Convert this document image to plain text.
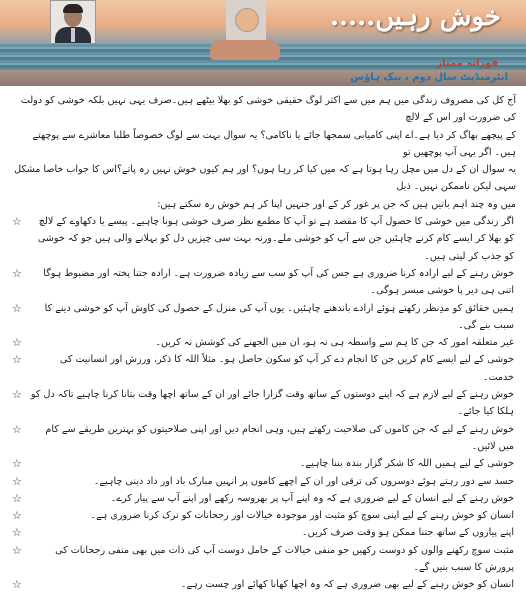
خوش رہیں.....
فوزانہ ممتاز
انٹرمیڈیٹ سال دوم ، پیک ہاؤس

آج کل کی مصروف زندگی میں ہم میں سے اکثر لوگ حقیقی خوشی کو بھلا بیٹھے ہیں۔صرف یہی نہیں بلکہ خوشی کو دولت کی ضرورت اور اس کے لالچ

کے پیچھے بھاگ کر دیا ہے۔اے اپنی کامیابی سمجھا جائے یا ناکامی؟ یہ سوال بہت سے لوگ خصوصاً طلبا معاشرے سے پوچھتے ہیں۔ اگر یہی آپ پوچھیں تو

یہ سوال ان کے دل میں مچل رہا ہوتا ہے کہ میں کیا کر رہا ہوں؟ اور ہم کیوں خوش نہیں رہ پاتے؟اس کا جواب خاصا مشکل سہی لیکن ناممکن نہیں۔ ذیل

میں وہ چند اہم باتیں ہیں کہ جن پر غور کر کے اور جنہیں اپنا کر ہم خوش رہ سکتے ہیں:

☆ اگر زندگی میں خوشی کا حصول آپ کا مقصد ہے تو آپ کا مطمع نظر صرف خوشی ہونا چاہیے۔ پیسے یا دکھاوے کے لالچ کو بھلا کر ایسے کام کرنے چاہئیں جن سے آپ کو خوشی ملے۔ورنہ بہت سی چیزیں دل کو بہلانے والی ہیں جو کہ خوشی کو جذب کر لیتی ہیں۔
☆ خوش رہنے کے لیے ارادہ کرنا ضروری ہے جس کی آپ کو سب سے زیادہ ضرورت ہے۔ ارادہ جتنا پختہ اور مضبوط ہوگا اتنی ہی دیر پا خوشی میسر ہوگی۔
☆ ہمیں حقائق کو مدِنظر رکھتے ہوئے ارادے باندھنے چاہئیں۔ یوں آپ کی منزل کے حصول کی کاوش آپ کو خوشی دینے کا سبب بنے گی۔
☆	غیر متعلقہ امور کہ جن کا ہم سے واسطہ ہی نہ ہو، ان میں الجھنے کی کوشش نہ کریں۔
☆	خوشی کے لیے ایسے کام کریں جن کا انجام دے کر آپ کو سکون حاصل ہو۔ مثلاً اللہ کا ذکر، ورزش اور انسانیت کی خدمت۔
☆ خوش رہنے کے لیے لازم ہے کہ اپنے دوستوں کے ساتھ وقت گزارا جائے اور ان کے ساتھ اچھا وقت بتانا کرنا چاہیے تاکہ دل کو ہلکا کیا جائے۔
☆ خوش رہنے کے لیے کہ جن کاموں کی صلاحیت رکھتے ہیں، وہی انجام دیں اور اپنی صلاحیتوں کو بہترین طریقے سے کام میں لائیں۔
☆	خوشی کے لیے ہمیں اللہ کا شکر گزار بندہ بننا چاہیے۔
☆	حسد سے دور رہتے ہوئے دوسروں کی ترقی اور ان کے اچھے کاموں پر انہیں مبارک باد اور داد دینی چاہیے۔
☆	خوش رہنے کے لیے انسان کے لیے ضروری ہے کہ وہ اپنے آپ پر بھروسہ رکھے اور اپنے آپ سے پیار کرے۔
☆	انسان کو خوش رہنے کے لیے اپنی سوچ کو مثبت اور موجودہ خیالات اور رجحانات کو ترک کرنا ضروری ہے۔
☆	اپنے پیاروں کے ساتھ جتنا ممکن ہو وقت صرف کریں۔
☆	مثبت سوچ رکھنے والوں کو دوست رکھیں جو منفی خیالات کے حامل دوست آپ کی ذات میں بھی منفی رجحانات کی پرورش کا سبب بنیں گے۔
☆	انسان کو خوش رہنے کے لیے بھی ضروری ہے کہ وہ اچھا کھانا کھائے اور چست رہے۔
